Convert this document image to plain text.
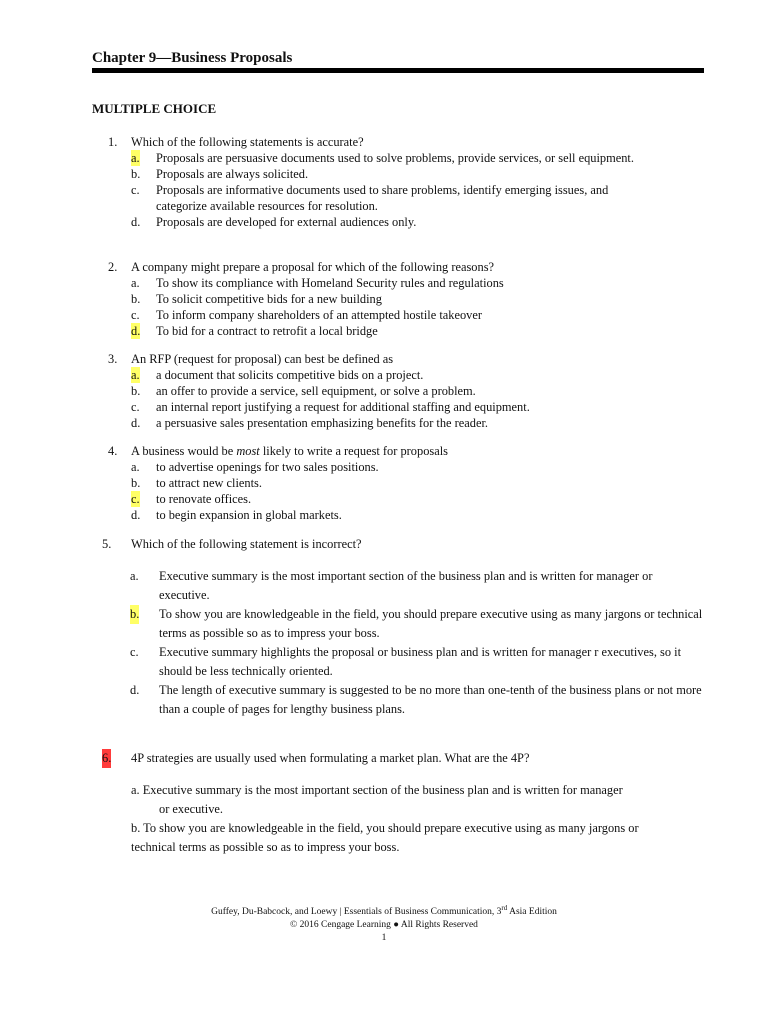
Chapter 9—Business Proposals
MULTIPLE CHOICE
1. Which of the following statements is accurate?
a. Proposals are persuasive documents used to solve problems, provide services, or sell equipment.
b. Proposals are always solicited.
c. Proposals are informative documents used to share problems, identify emerging issues, and categorize available resources for resolution.
d. Proposals are developed for external audiences only.
2. A company might prepare a proposal for which of the following reasons?
a. To show its compliance with Homeland Security rules and regulations
b. To solicit competitive bids for a new building
c. To inform company shareholders of an attempted hostile takeover
d. To bid for a contract to retrofit a local bridge
3. An RFP (request for proposal) can best be defined as
a. a document that solicits competitive bids on a project.
b. an offer to provide a service, sell equipment, or solve a problem.
c. an internal report justifying a request for additional staffing and equipment.
d. a persuasive sales presentation emphasizing benefits for the reader.
4. A business would be most likely to write a request for proposals
a. to advertise openings for two sales positions.
b. to attract new clients.
c. to renovate offices.
d. to begin expansion in global markets.
5. Which of the following statement is incorrect?
a. Executive summary is the most important section of the business plan and is written for manager or executive.
b. To show you are knowledgeable in the field, you should prepare executive using as many jargons or technical terms as possible so as to impress your boss.
c. Executive summary highlights the proposal or business plan and is written for manager r executives, so it should be less technically oriented.
d. The length of executive summary is suggested to be no more than one-tenth of the business plans or not more than a couple of pages for lengthy business plans.
6. 4P strategies are usually used when formulating a market plan. What are the 4P?
a. Executive summary is the most important section of the business plan and is written for manager
or executive.
b. To show you are knowledgeable in the field, you should prepare executive using as many jargons or
technical terms as possible so as to impress your boss.
Guffey, Du-Babcock, and Loewy | Essentials of Business Communication, 3rd Asia Edition
© 2016 Cengage Learning ● All Rights Reserved
1
